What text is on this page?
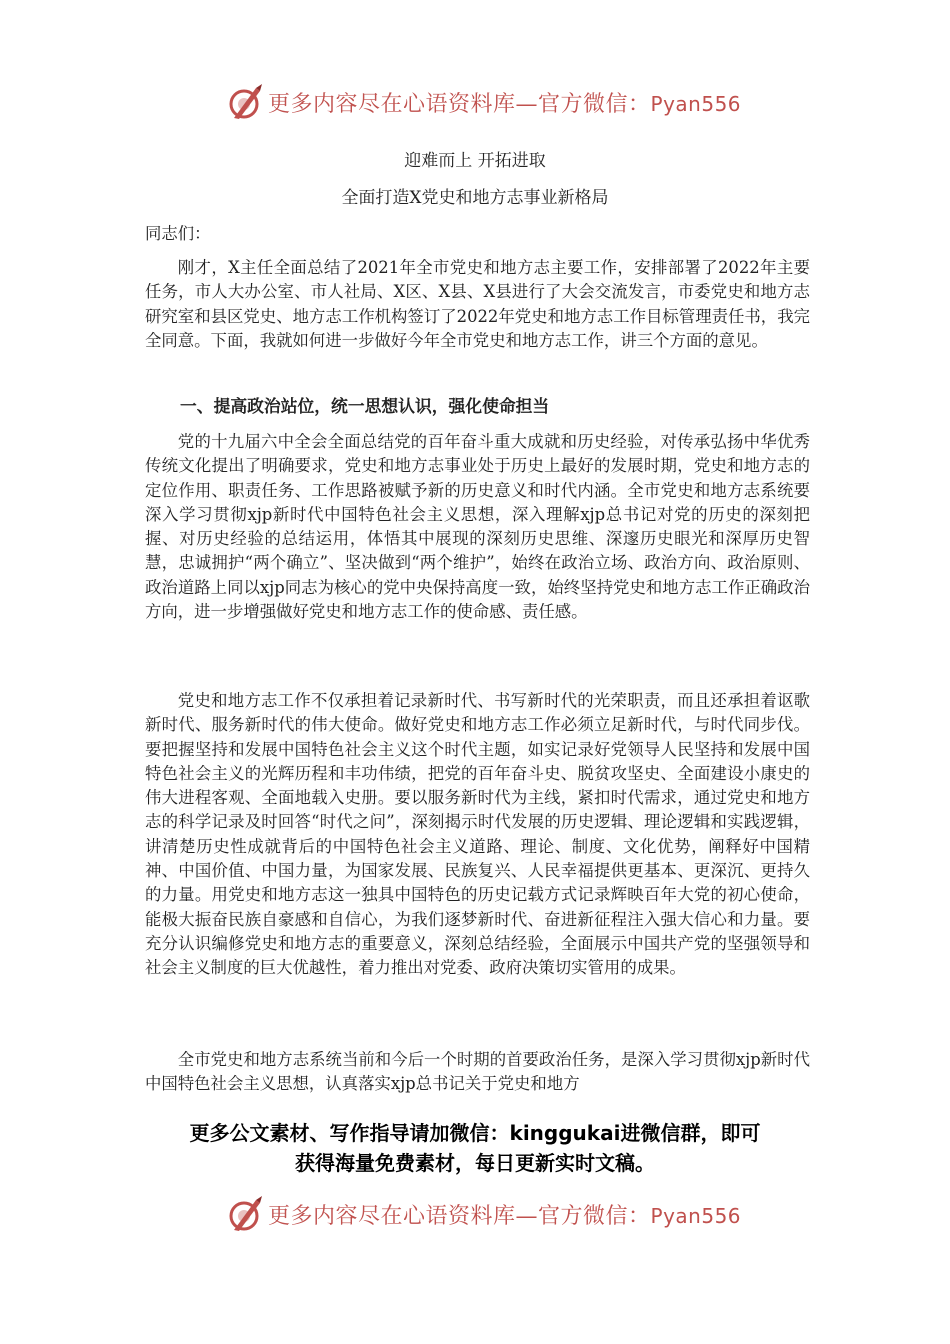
更多内容尽在心语资料库—官方微信：Pyan556
迎难而上 开拓进取
全面打造X党史和地方志事业新格局
同志们：

刚才，X主任全面总结了2021年全市党史和地方志主要工作，安排部署了2022年主要任务，市人大办公室、市人社局、X区、X县、X县进行了大会交流发言，市委党史和地方志研究室和县区党史、地方志工作机构签订了2022年党史和地方志工作目标管理责任书，我完全同意。下面，我就如何进一步做好今年全市党史和地方志工作，讲三个方面的意见。

一、提高政治站位，统一思想认识，强化使命担当

党的十九届六中全会全面总结党的百年奋斗重大成就和历史经验，对传承弘扬中华优秀传统文化提出了明确要求，党史和地方志事业处于历史上最好的发展时期，党史和地方志的定位作用、职责任务、工作思路被赋予新的历史意义和时代内涵。全市党史和地方志系统要深入学习贯彻xjp新时代中国特色社会主义思想，深入理解xjp总书记对党的历史的深刻把握、对历史经验的总结运用，体悟其中展现的深刻历史思维、深邃历史眼光和深厚历史智慧，忠诚拥护“两个确立”、坚决做到“两个维护”，始终在政治立场、政治方向、政治原则、政治道路上同以xjp同志为核心的党中央保持高度一致，始终坚持党史和地方志工作正确政治方向，进一步增强做好党史和地方志工作的使命感、责任感。

党史和地方志工作不仅承担着记录新时代、书写新时代的光荣职责，而且还承担着讴歌新时代、服务新时代的伟大使命。做好党史和地方志工作必须立足新时代，与时代同步伐。要把握坚持和发展中国特色社会主义这个时代主题，如实记录好党领导人民坚持和发展中国特色社会主义的光辉历程和丰功伟绩，把党的百年奋斗史、脱贫攻坚史、全面建设小康史的伟大进程客观、全面地载入史册。要以服务新时代为主线，紧扣时代需求，通过党史和地方志的科学记录及时回答“时代之问”，深刻揭示时代发展的历史逻辑、理论逻辑和实践逻辑，讲清楚历史性成就背后的中国特色社会主义道路、理论、制度、文化优势，阐释好中国精神、中国价值、中国力量，为国家发展、民族复兴、人民幸福提供更基本、更深沉、更持久的力量。用党史和地方志这一独具中国特色的历史记载方式记录辉映百年大党的初心使命，能极大振奋民族自豪感和自信心，为我们逐梦新时代、奋进新征程注入强大信心和力量。要充分认识编修党史和地方志的重要意义，深刻总结经验，全面展示中国共产党的坚强领导和社会主义制度的巨大优越性，着力推出对党委、政府决策切实管用的成果。

全市党史和地方志系统当前和今后一个时期的首要政治任务，是深入学习贯彻xjp新时代中国特色社会主义思想，认真落实xjp总书记关于党史和地方

更多公文素材、写作指导请加微信：kinggukai进微信群，即可
获得海量免费素材，每日更新实时文稿。
更多内容尽在心语资料库—官方微信：Pyan556
